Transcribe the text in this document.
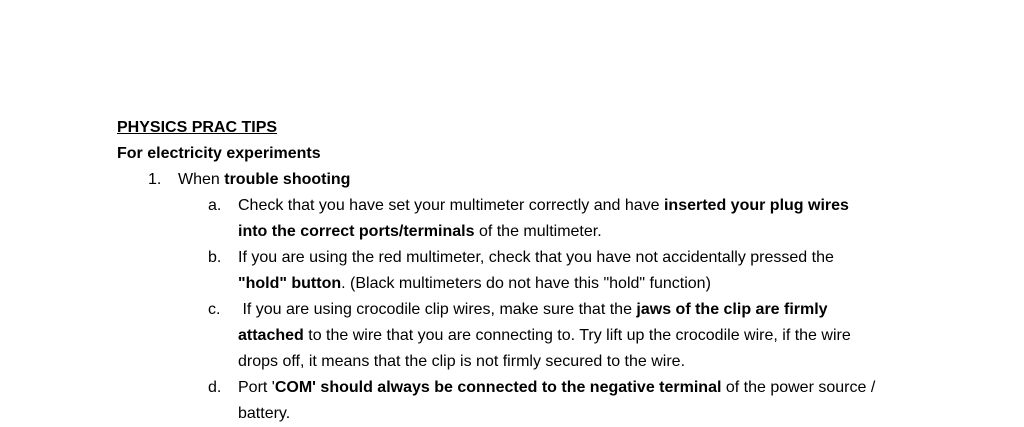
PHYSICS PRAC TIPS
For electricity experiments
1. When trouble shooting
a. Check that you have set your multimeter correctly and have inserted your plug wires
into the correct ports/terminals of the multimeter.
b. If you are using the red multimeter, check that you have not accidentally pressed the
"hold" button. (Black multimeters do not have this "hold" function)
c. If you are using crocodile clip wires, make sure that the jaws of the clip are firmly
attached to the wire that you are connecting to. Try lift up the crocodile wire, if the wire
drops off, it means that the clip is not firmly secured to the wire.
d. Port 'COM' should always be connected to the negative terminal of the power source /
battery.
